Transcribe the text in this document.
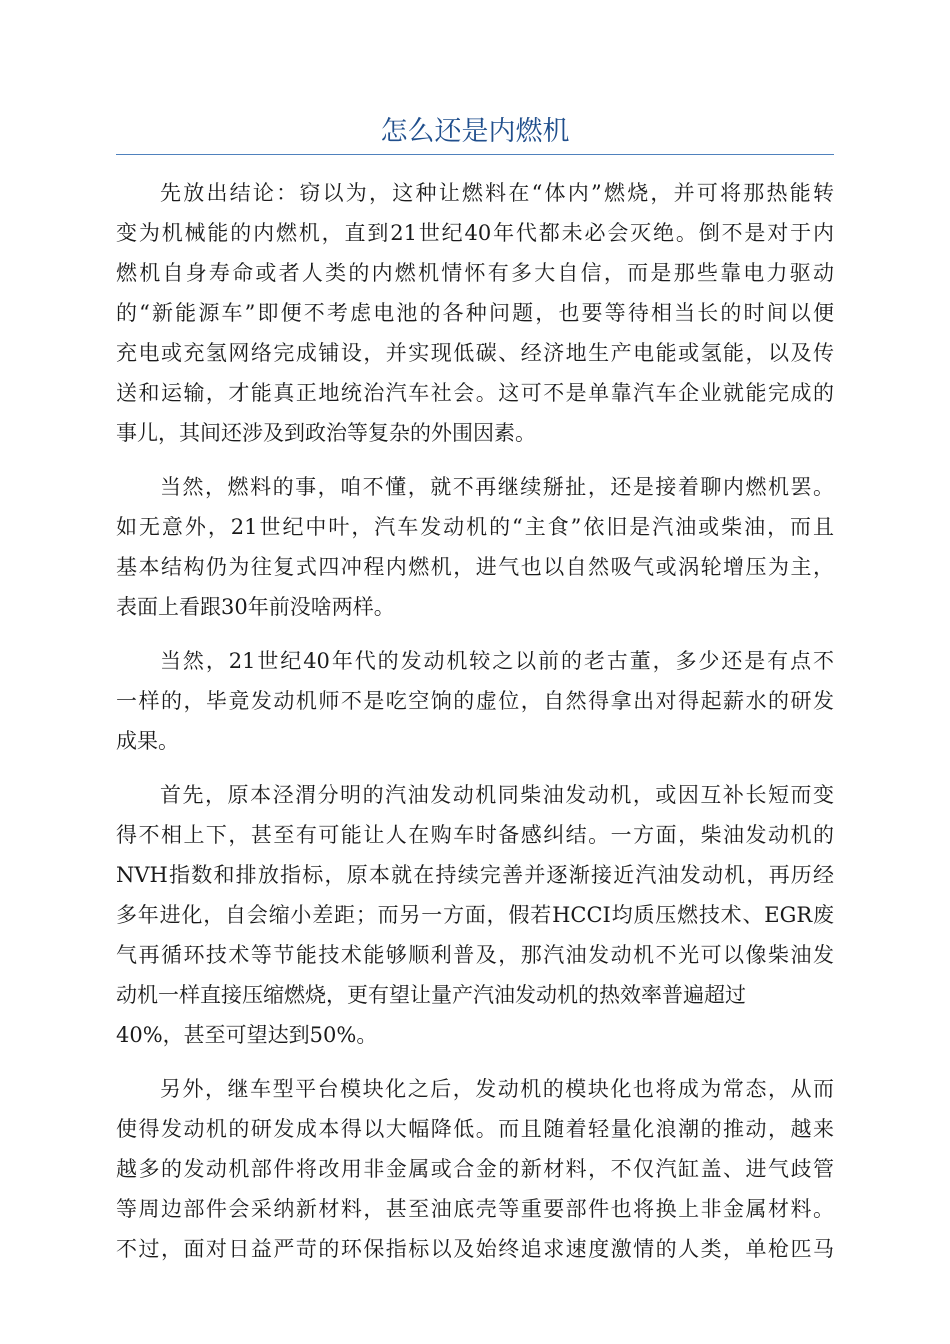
怎么还是内燃机

先放出结论：窃以为，这种让燃料在“体内”燃烧，并可将那热能转
变为机械能的内燃机，直到21世纪40年代都未必会灭绝。倒不是对于内
燃机自身寿命或者人类的内燃机情怀有多大自信，而是那些靠电力驱动
的“新能源车”即便不考虑电池的各种问题，也要等待相当长的时间以便
充电或充氢网络完成铺设，并实现低碳、经济地生产电能或氢能，以及传
送和运输，才能真正地统治汽车社会。这可不是单靠汽车企业就能完成的
事儿，其间还涉及到政治等复杂的外围因素。

当然，燃料的事，咱不懂，就不再继续掰扯，还是接着聊内燃机罢。
如无意外，21世纪中叶，汽车发动机的“主食”依旧是汽油或柴油，而且
基本结构仍为往复式四冲程内燃机，进气也以自然吸气或涡轮增压为主，
表面上看跟30年前没啥两样。

当然，21世纪40年代的发动机较之以前的老古董，多少还是有点不
一样的，毕竟发动机师不是吃空饷的虚位，自然得拿出对得起薪水的研发
成果。

首先，原本泾渭分明的汽油发动机同柴油发动机，或因互补长短而变
得不相上下，甚至有可能让人在购车时备感纠结。一方面，柴油发动机的
NVH指数和排放指标，原本就在持续完善并逐渐接近汽油发动机，再历经
多年进化，自会缩小差距；而另一方面，假若HCCI均质压燃技术、EGR废
气再循环技术等节能技术能够顺利普及，那汽油发动机不光可以像柴油发
动机一样直接压缩燃烧，更有望让量产汽油发动机的热效率普遍超过
40%，甚至可望达到50%。

另外，继车型平台模块化之后，发动机的模块化也将成为常态，从而
使得发动机的研发成本得以大幅降低。而且随着轻量化浪潮的推动，越来
越多的发动机部件将改用非金属或合金的新材料，不仅汽缸盖、进气歧管
等周边部件会采纳新材料，甚至油底壳等重要部件也将换上非金属材料。
不过，面对日益严苛的环保指标以及始终追求速度激情的人类，单枪匹马
